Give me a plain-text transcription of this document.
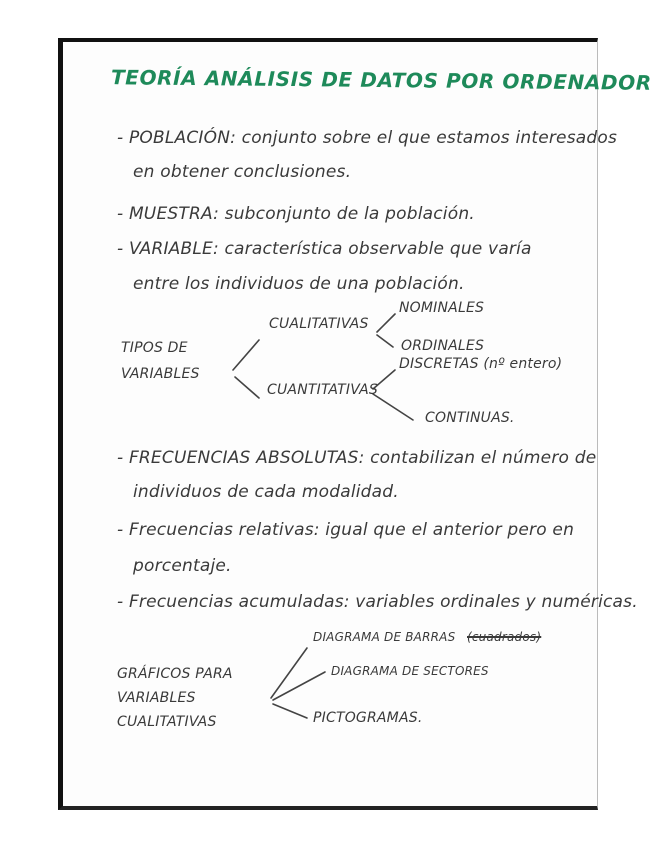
TEORÍA ANÁLISIS DE DATOS POR ORDENADOR

- POBLACIÓN: conjunto sobre el que estamos interesados

en obtener conclusiones.

- MUESTRA: subconjunto de la población.

- VARIABLE: característica observable que varía

entre los individuos de una población.

TIPOS DE

VARIABLES

CUALITATIVAS

NOMINALES

ORDINALES

CUANTITATIVAS

DISCRETAS (nº entero)

CONTINUAS.

- FRECUENCIAS ABSOLUTAS: contabilizan el número de

individuos de cada modalidad.

- Frecuencias relativas: igual que el anterior pero en

porcentaje.

- Frecuencias acumuladas: variables ordinales y numéricas.

GRÁFICOS PARA

VARIABLES

CUALITATIVAS

DIAGRAMA DE BARRAS (cuadrados)

DIAGRAMA DE SECTORES

PICTOGRAMAS.
